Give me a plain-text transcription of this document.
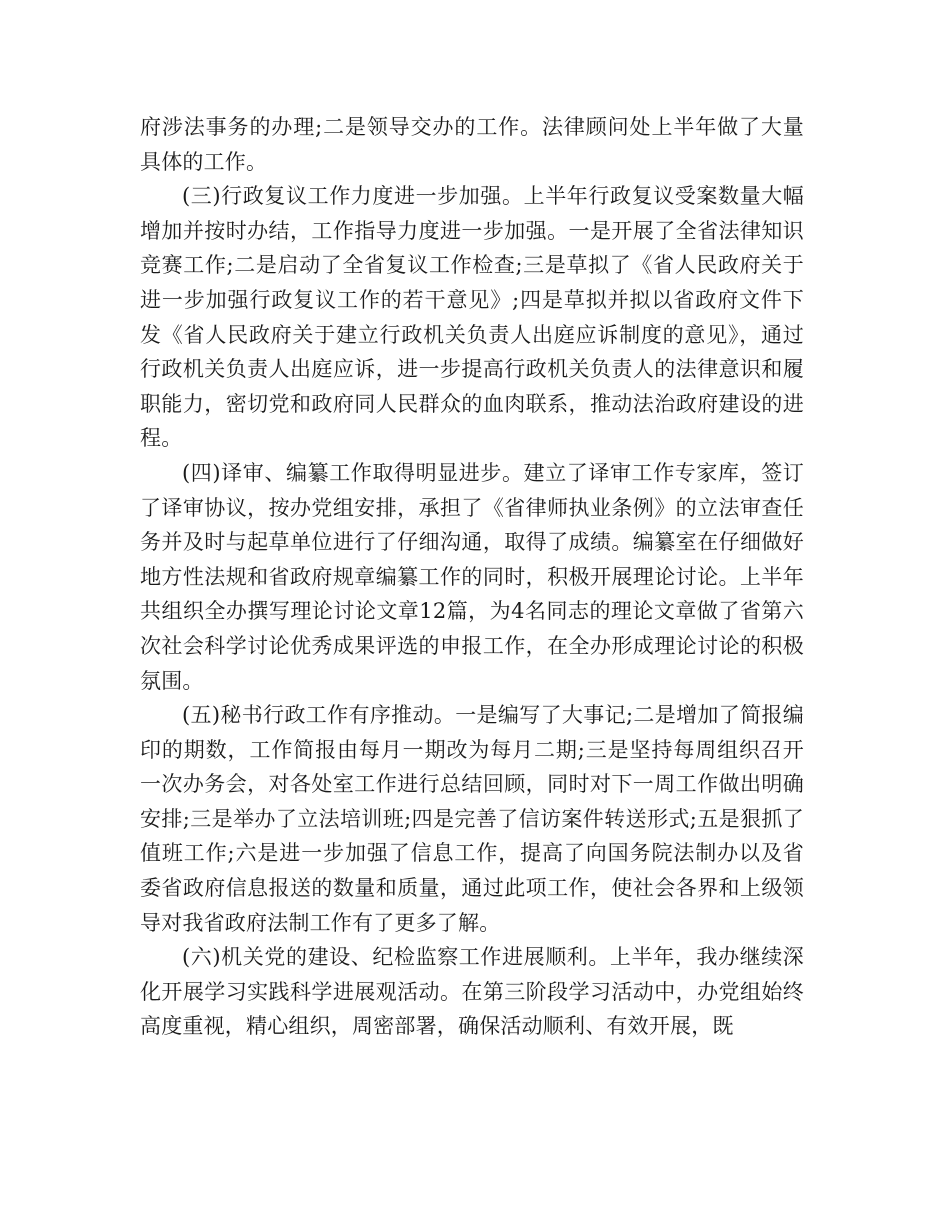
府涉法事务的办理;二是领导交办的工作。法律顾问处上半年做了大量具体的工作。

(三)行政复议工作力度进一步加强。上半年行政复议受案数量大幅增加并按时办结，工作指导力度进一步加强。一是开展了全省法律知识竞赛工作;二是启动了全省复议工作检查;三是草拟了《省人民政府关于进一步加强行政复议工作的若干意见》;四是草拟并拟以省政府文件下发《省人民政府关于建立行政机关负责人出庭应诉制度的意见》，通过行政机关负责人出庭应诉，进一步提高行政机关负责人的法律意识和履职能力，密切党和政府同人民群众的血肉联系，推动法治政府建设的进程。

(四)译审、编纂工作取得明显进步。建立了译审工作专家库，签订了译审协议，按办党组安排，承担了《省律师执业条例》的立法审查任务并及时与起草单位进行了仔细沟通，取得了成绩。编纂室在仔细做好地方性法规和省政府规章编纂工作的同时，积极开展理论讨论。上半年共组织全办撰写理论讨论文章12篇，为4名同志的理论文章做了省第六次社会科学讨论优秀成果评选的申报工作，在全办形成理论讨论的积极氛围。

(五)秘书行政工作有序推动。一是编写了大事记;二是增加了简报编印的期数，工作简报由每月一期改为每月二期;三是坚持每周组织召开一次办务会，对各处室工作进行总结回顾，同时对下一周工作做出明确安排;三是举办了立法培训班;四是完善了信访案件转送形式;五是狠抓了值班工作;六是进一步加强了信息工作，提高了向国务院法制办以及省委省政府信息报送的数量和质量，通过此项工作，使社会各界和上级领导对我省政府法制工作有了更多了解。

(六)机关党的建设、纪检监察工作进展顺利。上半年，我办继续深化开展学习实践科学进展观活动。在第三阶段学习活动中，办党组始终高度重视，精心组织，周密部署，确保活动顺利、有效开展，既
